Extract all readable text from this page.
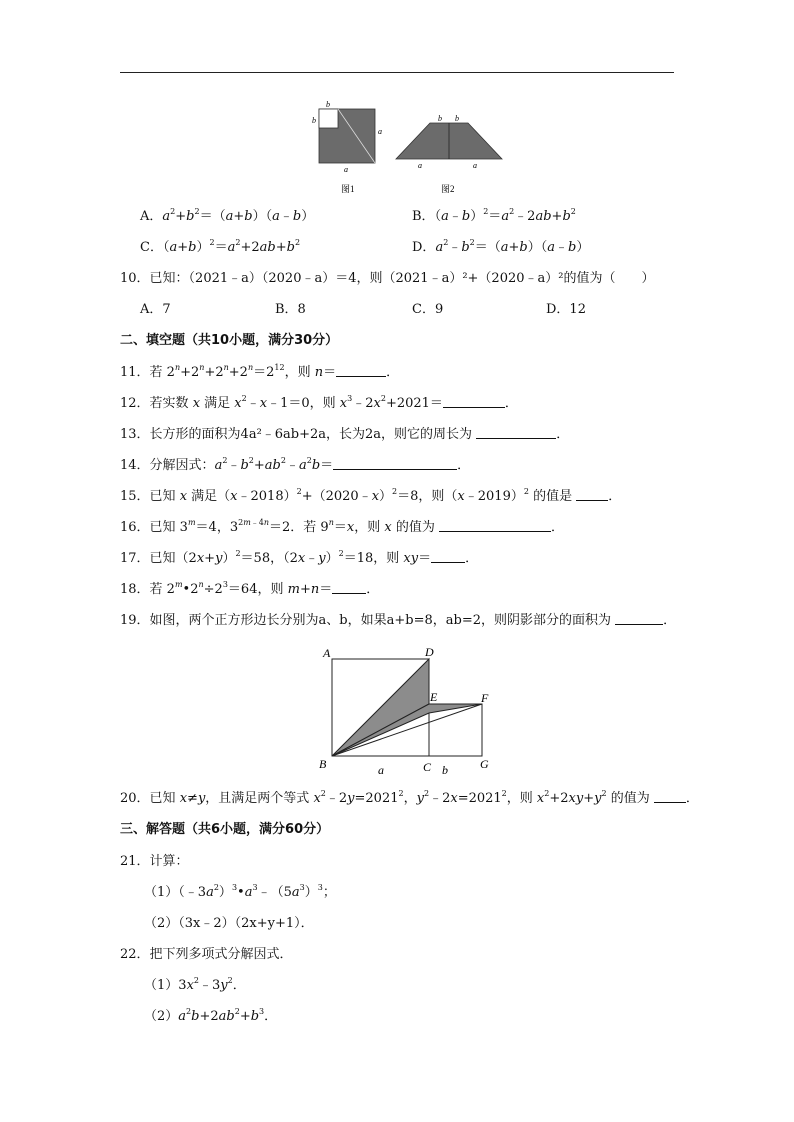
b
b
a
a
图1
b b
a	a
图2
A．$a^2+b^2=(a+b)(a﹣b)$	B．$(a﹣b)^2=a^2﹣2ab+b^2$
C．$(a+b)^2=a^2+2ab+b^2$	D．$a^2﹣b^2=(a+b)(a﹣b)$
10．已知：（2021﹣a）（2020﹣a）＝4，则（2021﹣a）²+（2020﹣a）²的值为（　　）
A．7	B．8	C．9	D．12
二、填空题（共10小题，满分30分）
11．若 $2^n+2^n+2^n+2^n=2^{12}$，则 n＝	．
12．若实数 x 满足 $x^2﹣x﹣1=0$，则 $x^3﹣2x^2+2021=$	．
13．长方形的面积为4a²﹣6ab+2a，长为2a，则它的周长为	．
14．分解因式：$a^2﹣b^2+ab^2﹣a^2b=$	．
15．已知 x 满足（x﹣2018）$^2$+（2020﹣x）$^2$＝8，则（x﹣2019）$^2$ 的值是 ．
16．已知 $3^m=4$，$3^{2m﹣4n}=2$．若 $9^n=x$，则 x 的值为	．
17．已知$(2x+y)^2=58$，（2x﹣y）$^2$＝18，则 xy＝	．
18．若 $2^m•2^n\div 2^3=64$，则 m+n＝	．
19．如图，两个正方形边长分别为a、b，如果a+b=8，ab=2，则阴影部分的面积为	．
A	D
E	F
B	C	G
a	b
20．已知 x≠y，且满足两个等式 $x^2﹣2y=2021^2$，$y^2﹣2x=2021^2$，则 $x^2+2xy+y^2$ 的值为 ．
三、解答题（共6小题，满分60分）
21．计算：
$(1)(﹣3a^2)^3•a^3﹣(5a^3)^3$；
（2）（3x﹣2）（2x+y+1）．
22．把下列多项式分解因式．
$(1)3x^2﹣3y^2$．
$(2)a^2b+2ab^2+b^3$．
